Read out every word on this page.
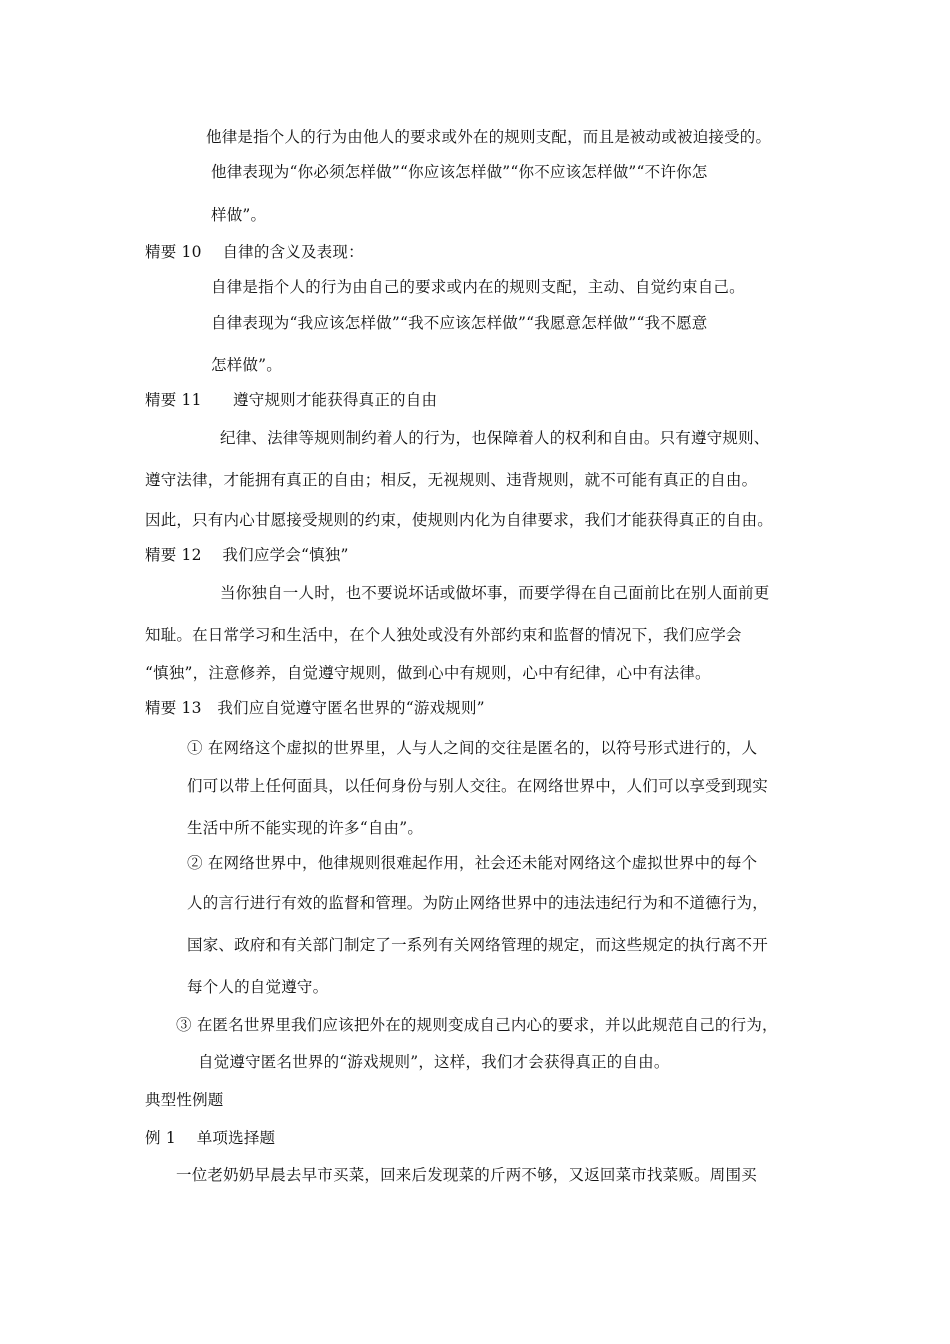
他律是指个人的行为由他人的要求或外在的规则支配，而且是被动或被迫接受的。
他律表现为“你必须怎样做”“你应该怎样做”“你不应该怎样做”“不许你怎
样做”。
精要 10　 自律的含义及表现：
自律是指个人的行为由自己的要求或内在的规则支配，主动、自觉约束自己。
自律表现为“我应该怎样做”“我不应该怎样做”“我愿意怎样做”“我不愿意
怎样做”。
精要 11　　遵守规则才能获得真正的自由
纪律、法律等规则制约着人的行为，也保障着人的权利和自由。只有遵守规则、
遵守法律，才能拥有真正的自由；相反，无视规则、违背规则，就不可能有真正的自由。
因此，只有内心甘愿接受规则的约束，使规则内化为自律要求，我们才能获得真正的自由。
精要 12　 我们应学会“慎独”
当你独自一人时，也不要说坏话或做坏事，而要学得在自己面前比在别人面前更
知耻。在日常学习和生活中，在个人独处或没有外部约束和监督的情况下，我们应学会
“慎独”，注意修养，自觉遵守规则，做到心中有规则，心中有纪律，心中有法律。
精要 13　我们应自觉遵守匿名世界的“游戏规则”
① 在网络这个虚拟的世界里，人与人之间的交往是匿名的，以符号形式进行的，人
们可以带上任何面具，以任何身份与别人交往。在网络世界中，人们可以享受到现实
生活中所不能实现的许多“自由”。
② 在网络世界中，他律规则很难起作用，社会还未能对网络这个虚拟世界中的每个
人的言行进行有效的监督和管理。为防止网络世界中的违法违纪行为和不道德行为，
国家、政府和有关部门制定了一系列有关网络管理的规定，而这些规定的执行离不开
每个人的自觉遵守。
③ 在匿名世界里我们应该把外在的规则变成自己内心的要求，并以此规范自己的行为，
自觉遵守匿名世界的“游戏规则”，这样，我们才会获得真正的自由。
典型性例题
例 1　 单项选择题
一位老奶奶早晨去早市买菜，回来后发现菜的斤两不够，又返回菜市找菜贩。周围买
